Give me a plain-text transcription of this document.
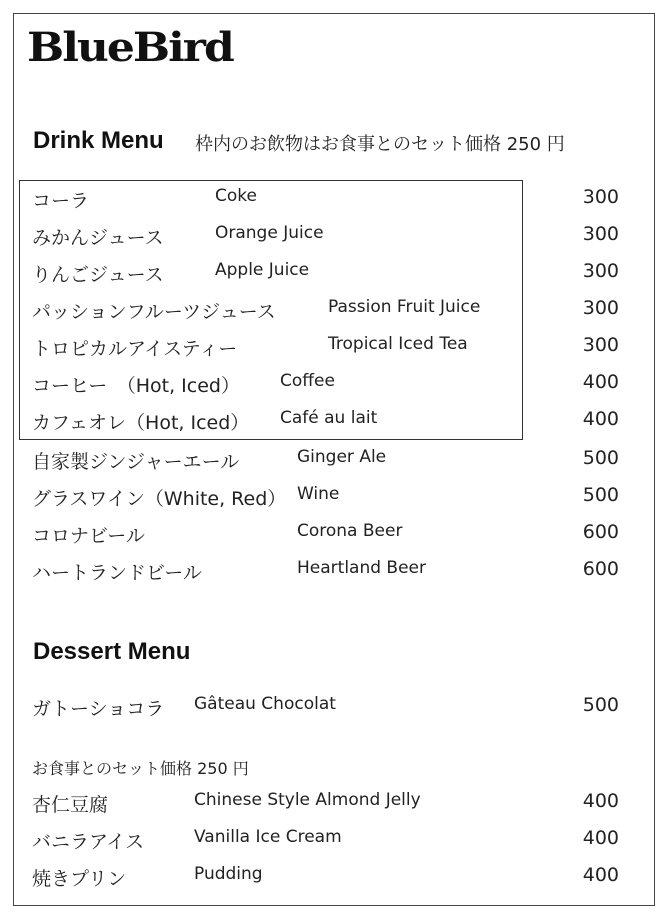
BlueBird
Drink Menu 枠内のお飲物はお食事とのセット価格 250 円
コーラ	Coke	300
みかんジュース	Orange Juice	300
りんごジュース	Apple Juice	300
パッションフルーツジュース	Passion Fruit Juice	300
トロピカルアイスティー	Tropical Iced Tea	300
コーヒー　（Hot, Iced） Coffee	400
カフェオレ（Hot, Iced） Café au lait	400
自家製ジンジャーエール	Ginger Ale	500
グラスワイン（White, Red） Wine	500
コロナビール	Corona Beer	600
ハートランドビール	Heartland Beer	600
Dessert Menu
ガトーショコラ Gâteau Chocolat	500
お食事とのセット価格 250 円
杏仁豆腐	Chinese Style Almond Jelly	400
バニラアイス	Vanilla Ice Cream	400
焼きプリン	Pudding	400
